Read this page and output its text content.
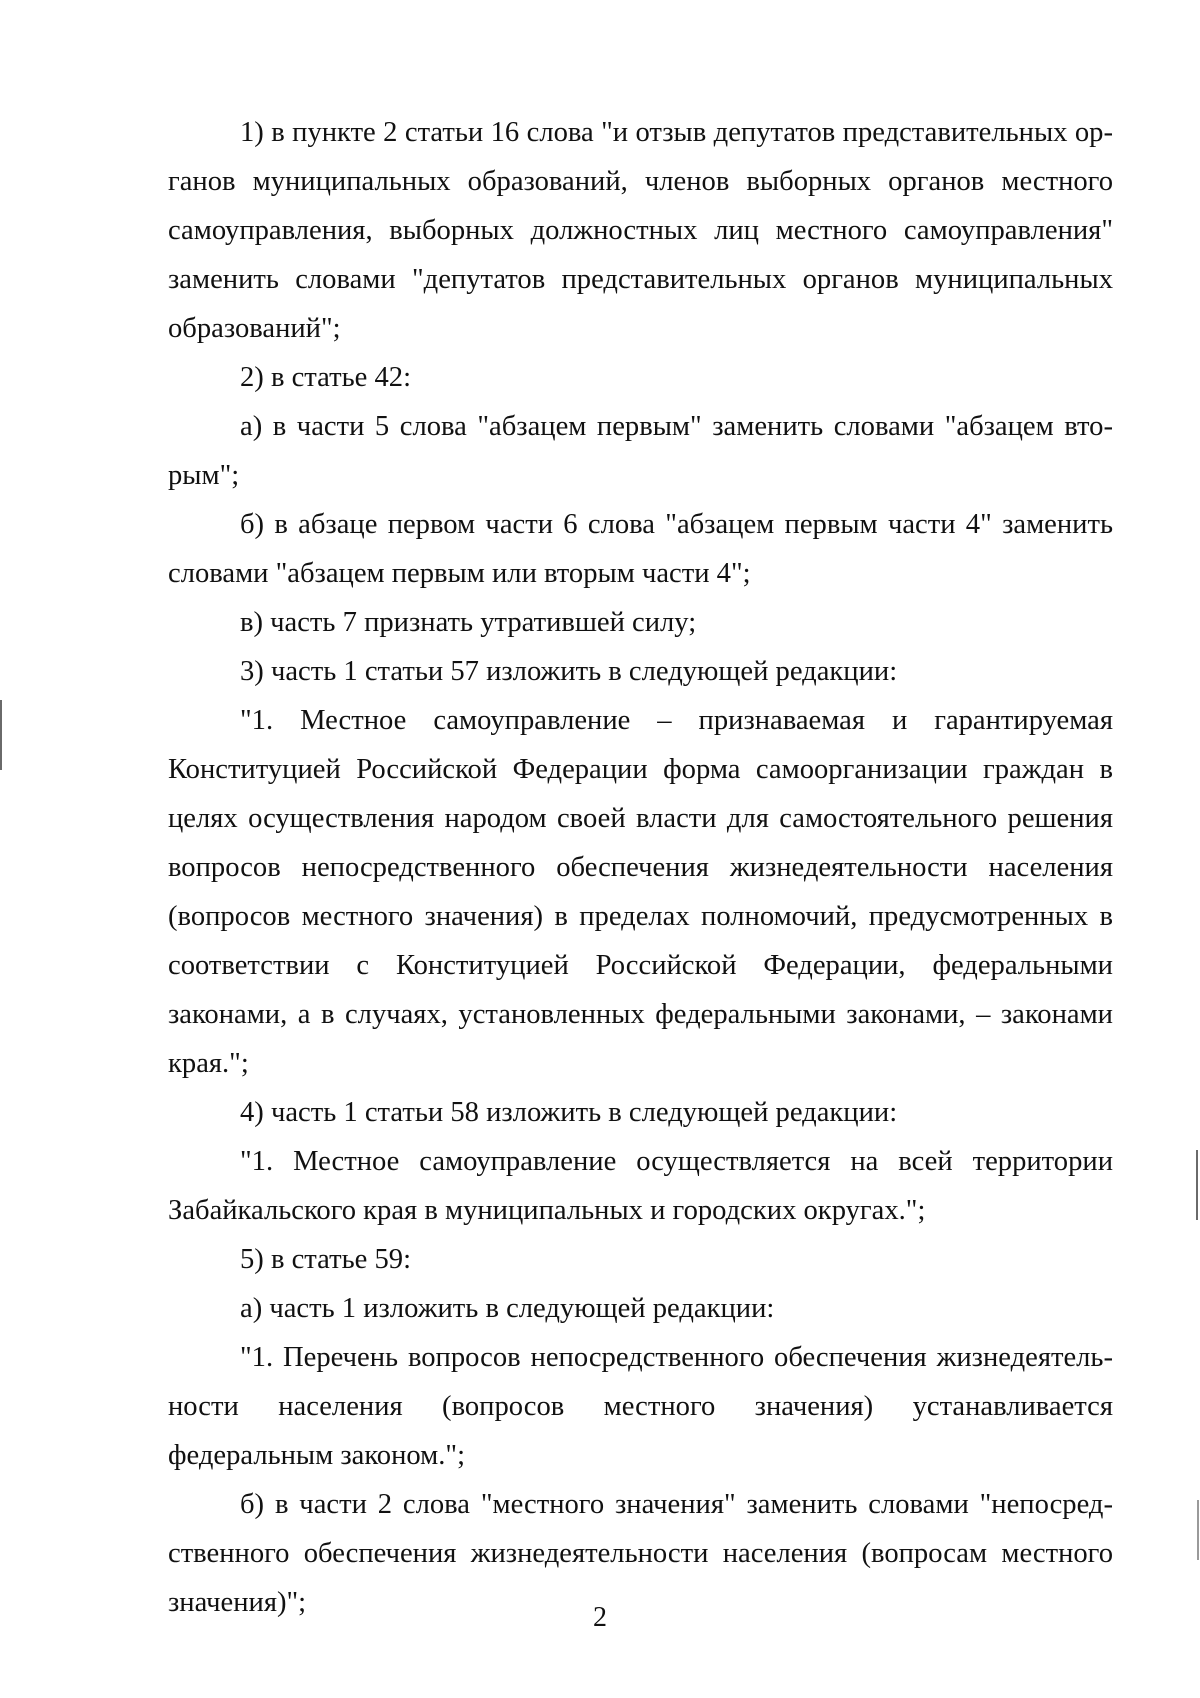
1) в пункте 2 статьи 16 слова "и отзыв депутатов представительных органов муниципальных образований, членов выборных органов местного самоуправления, выборных должностных лиц местного самоуправления" заменить словами "депутатов представительных органов муниципальных образований";

2) в статье 42:

а) в части 5 слова "абзацем первым" заменить словами "абзацем вторым";

б) в абзаце первом части 6 слова "абзацем первым части 4" заменить словами "абзацем первым или вторым части 4";

в) часть 7 признать утратившей силу;

3) часть 1 статьи 57 изложить в следующей редакции:

"1. Местное самоуправление – признаваемая и гарантируемая Конституцией Российской Федерации форма самоорганизации граждан в целях осуществления народом своей власти для самостоятельного решения вопросов непосредственного обеспечения жизнедеятельности населения (вопросов местного значения) в пределах полномочий, предусмотренных в соответствии с Конституцией Российской Федерации, федеральными законами, а в случаях, установленных федеральными законами, – законами края.";

4) часть 1 статьи 58 изложить в следующей редакции:

"1. Местное самоуправление осуществляется на всей территории Забайкальского края в муниципальных и городских округах.";

5) в статье 59:

а) часть 1 изложить в следующей редакции:

"1. Перечень вопросов непосредственного обеспечения жизнедеятельности населения (вопросов местного значения) устанавливается федеральным законом.";

б) в части 2 слова "местного значения" заменить словами "непосредственного обеспечения жизнедеятельности населения (вопросам местного значения)";	2
